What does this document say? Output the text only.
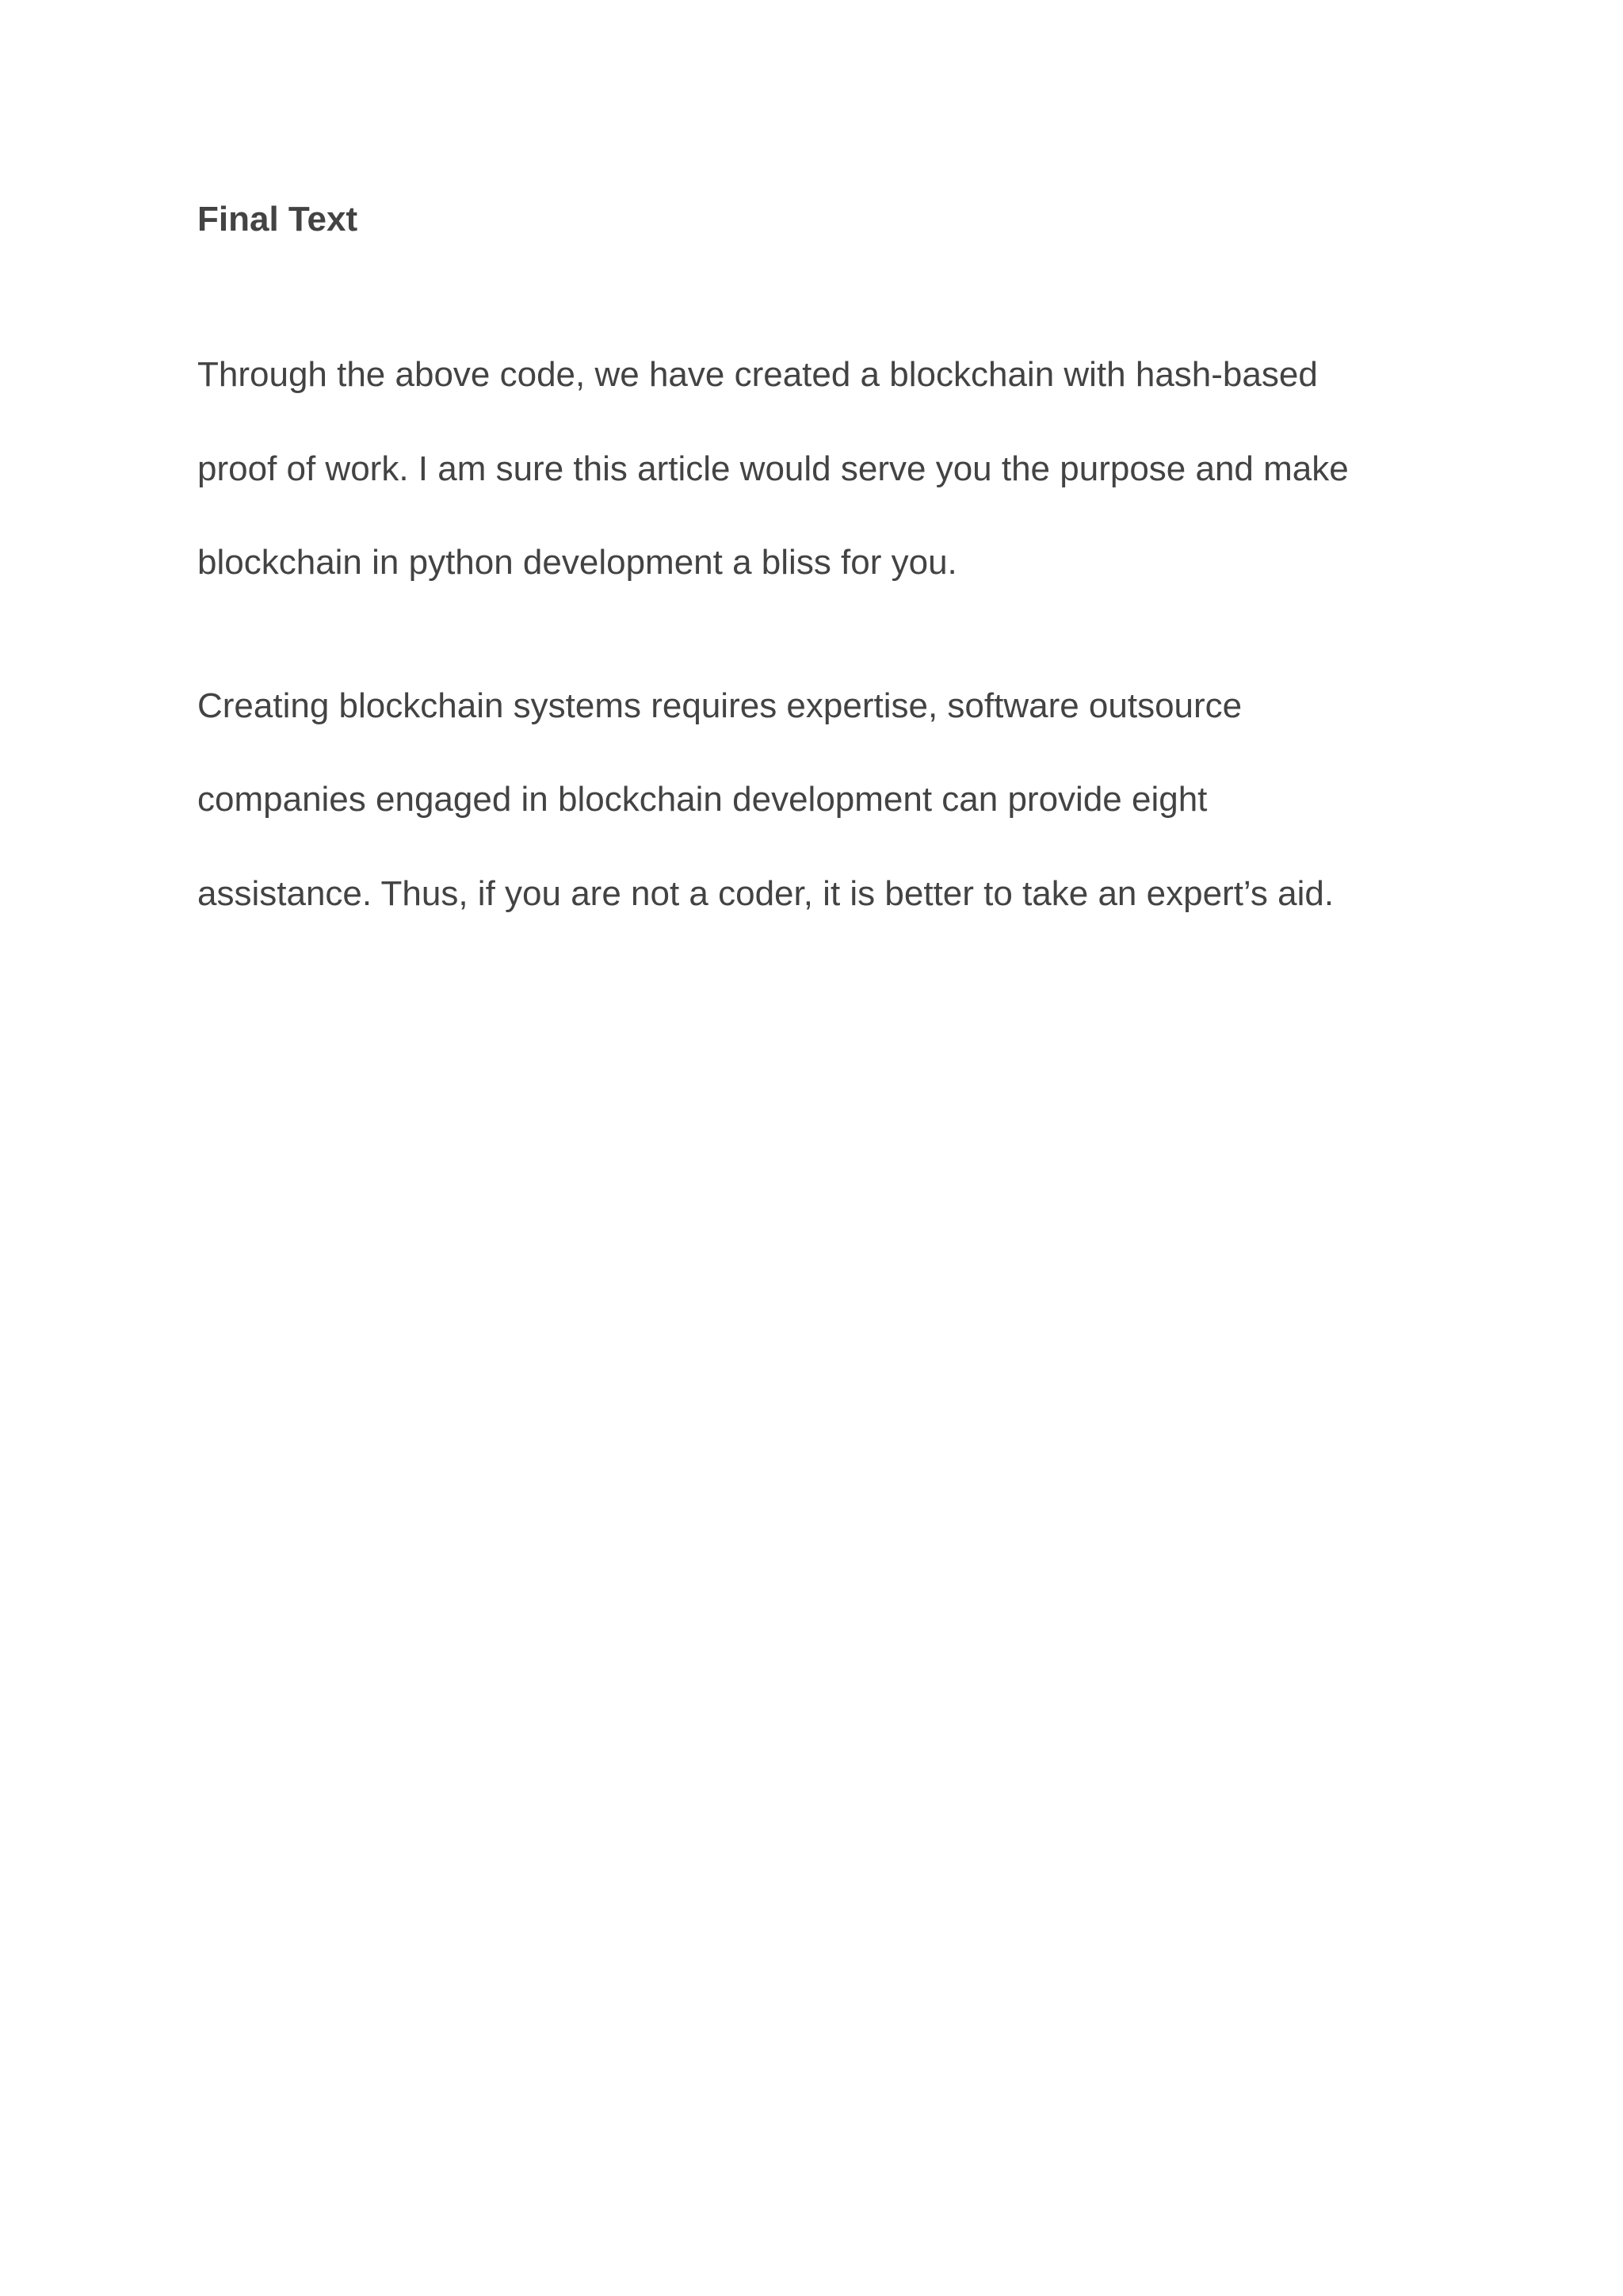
Final Text

Through the above code, we have created a blockchain with hash-based
proof of work. I am sure this article would serve you the purpose and make
blockchain in python development a bliss for you.

Creating blockchain systems requires expertise, software outsource
companies engaged in blockchain development can provide eight
assistance. Thus, if you are not a coder, it is better to take an expert’s aid.
